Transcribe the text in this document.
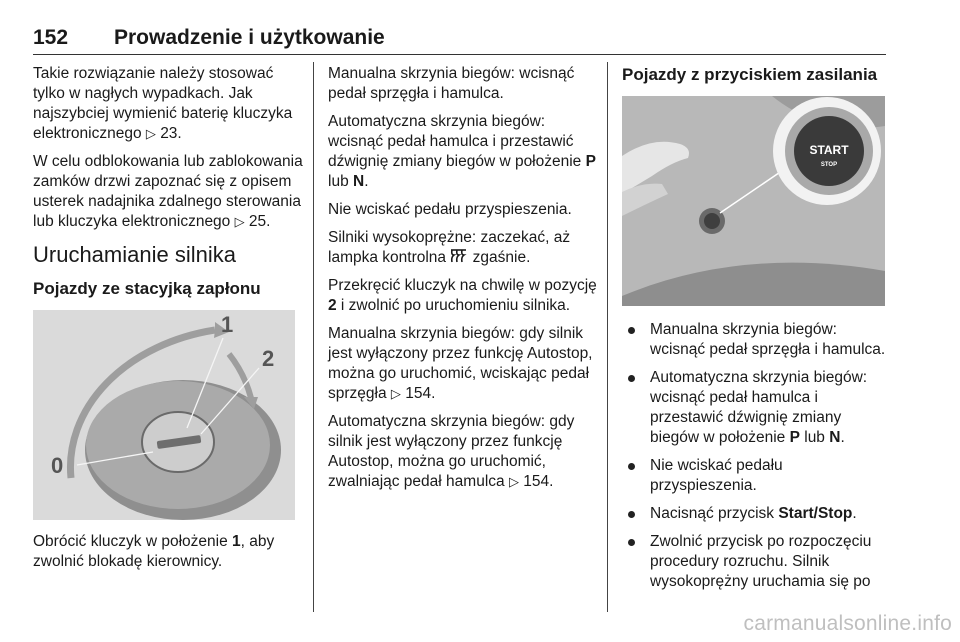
152 Prowadzenie i użytkowanie

Takie rozwiązanie należy stosować tylko w nagłych wypadkach. Jak najszybciej wymienić baterię kluczyka elektronicznego ▷ 23.

W celu odblokowania lub zablokowania zamków drzwi zapoznać się z opisem usterek nadajnika zdalnego sterowania lub kluczyka elektronicznego ▷ 25.

Uruchamianie silnika
Pojazdy ze stacyjką zapłonu
0
1
2

Obrócić kluczyk w położenie 1, aby zwolnić blokadę kierownicy.

Manualna skrzynia biegów: wcisnąć pedał sprzęgła i hamulca.

Automatyczna skrzynia biegów: wcisnąć pedał hamulca i przestawić dźwignię zmiany biegów w położenie P lub N.

Nie wciskać pedału przyspieszenia.

Silniki wysokoprężne: zaczekać, aż lampka kontrolna  zgaśnie.

Przekręcić kluczyk na chwilę w pozycję 2 i zwolnić po uruchomieniu silnika.

Manualna skrzynia biegów: gdy silnik jest wyłączony przez funkcję Autostop, można go uruchomić, wciskając pedał sprzęgła ▷ 154.

Automatyczna skrzynia biegów: gdy silnik jest wyłączony przez funkcję Autostop, można go uruchomić, zwalniając pedał hamulca ▷ 154.

Pojazdy z przyciskiem zasilania
START
STOP
Manualna skrzynia biegów: wcisnąć pedał sprzęgła i hamulca.
Automatyczna skrzynia biegów: wcisnąć pedał hamulca i przestawić dźwignię zmiany biegów w położenie P lub N.
Nie wciskać pedału przyspieszenia.
Nacisnąć przycisk Start/Stop.
Zwolnić przycisk po rozpoczęciu procedury rozruchu. Silnik wysokoprężny uruchamia się po
carmanualsonline.info
